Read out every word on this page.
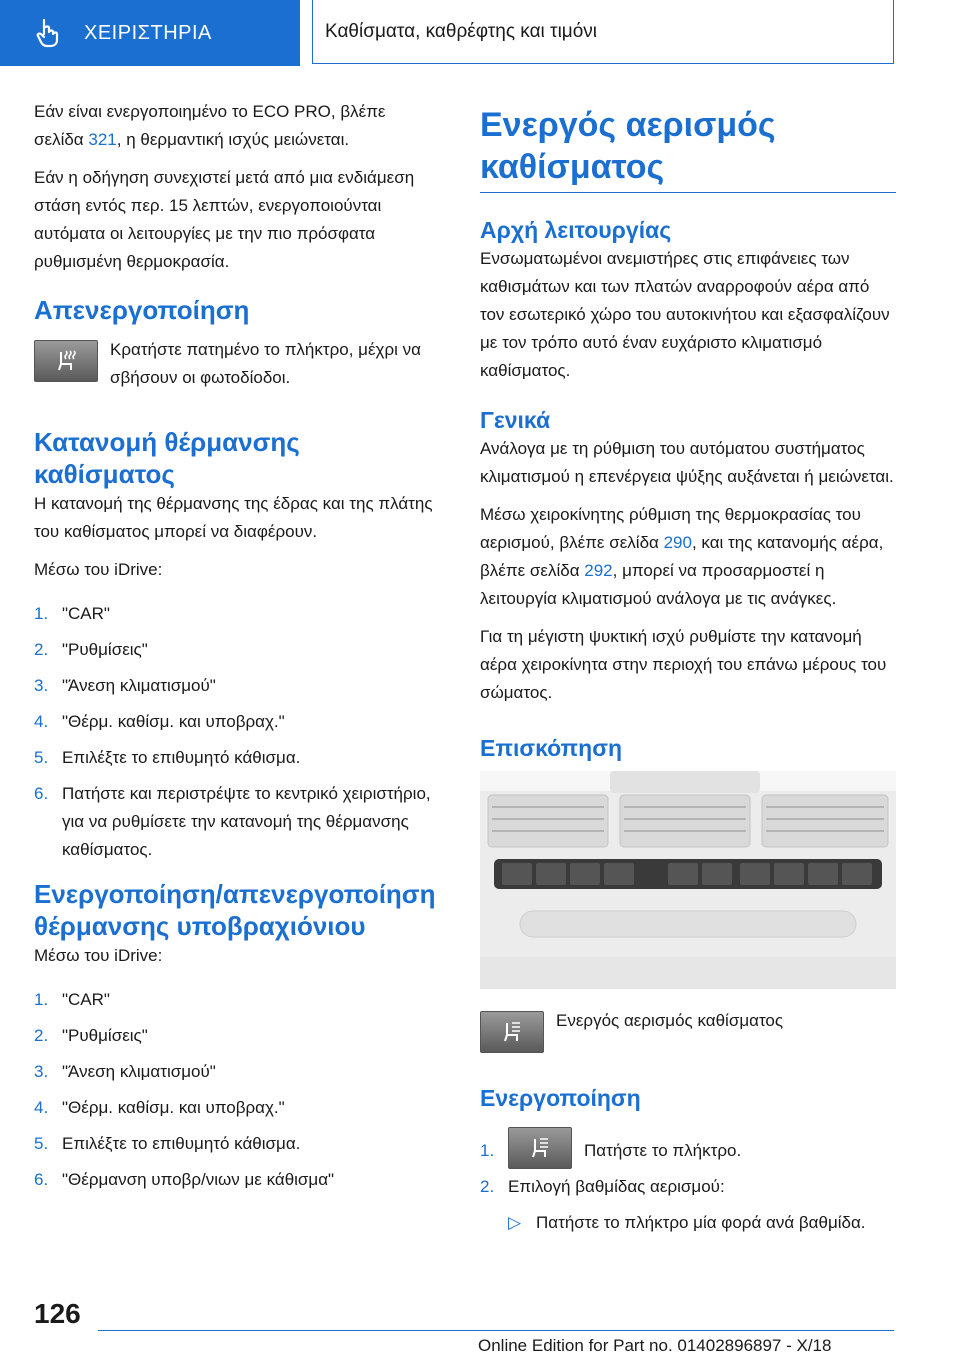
ΧΕΙΡΙΣΤΗΡΙΑ	Καθίσματα, καθρέφτης και τιμόνι

Εάν είναι ενεργοποιημένο το ECO PRO, βλέπε σελίδα 321, η θερμαντική ισχύς μειώνεται.

Εάν η οδήγηση συνεχιστεί μετά από μια ενδιάμεση στάση εντός περ. 15 λεπτών, ενεργοποιούνται αυτόματα οι λειτουργίες με την πιο πρόσφατα ρυθμισμένη θερμοκρασία.

Απενεργοποίηση

Κρατήστε πατημένο το πλήκτρο, μέχρι να σβήσουν οι φωτοδίοδοι.

Κατανομή θέρμανσης καθίσματος

Η κατανομή της θέρμανσης της έδρας και της πλάτης του καθίσματος μπορεί να διαφέρουν.

Μέσω του iDrive:

1. "CAR"
2. "Ρυθμίσεις"
3. "Άνεση κλιματισμού"
4. "Θέρμ. καθίσμ. και υποβραχ."
5. Επιλέξτε το επιθυμητό κάθισμα.
6. Πατήστε και περιστρέψτε το κεντρικό χειριστήριο, για να ρυθμίσετε την κατανομή της θέρμανσης καθίσματος.
Ενεργοποίηση/απενεργοποίηση θέρμανσης υποβραχιόνιου

Μέσω του iDrive:

1. "CAR"
2. "Ρυθμίσεις"
3. "Άνεση κλιματισμού"
4. "Θέρμ. καθίσμ. και υποβραχ."
5. Επιλέξτε το επιθυμητό κάθισμα.
6. "Θέρμανση υποβρ/νιων με κάθισμα"
Ενεργός αερισμός καθίσματος
Αρχή λειτουργίας

Ενσωματωμένοι ανεμιστήρες στις επιφάνειες των καθισμάτων και των πλατών αναρροφούν αέρα από τον εσωτερικό χώρο του αυτοκινήτου και εξασφαλίζουν με τον τρόπο αυτό έναν ευχάριστο κλιματισμό καθίσματος.

Γενικά

Ανάλογα με τη ρύθμιση του αυτόματου συστήματος κλιματισμού η επενέργεια ψύξης αυξάνεται ή μειώνεται.

Μέσω χειροκίνητης ρύθμιση της θερμοκρασίας του αερισμού, βλέπε σελίδα 290, και της κατανομής αέρα, βλέπε σελίδα 292, μπορεί να προσαρμοστεί η λειτουργία κλιματισμού ανάλογα με τις ανάγκες.

Για τη μέγιστη ψυκτική ισχύ ρυθμίστε την κατανομή αέρα χειροκίνητα στην περιοχή του επάνω μέρους του σώματος.

Επισκόπηση

Ενεργός αερισμός καθίσματος

Ενεργοποίηση
1.	Πατήστε το πλήκτρο.

2. Επιλογή βαθμίδας αερισμού:
▷ Πατήστε το πλήκτρο μία φορά ανά βαθμίδα.
126
Online Edition for Part no. 01402896897 - X/18
